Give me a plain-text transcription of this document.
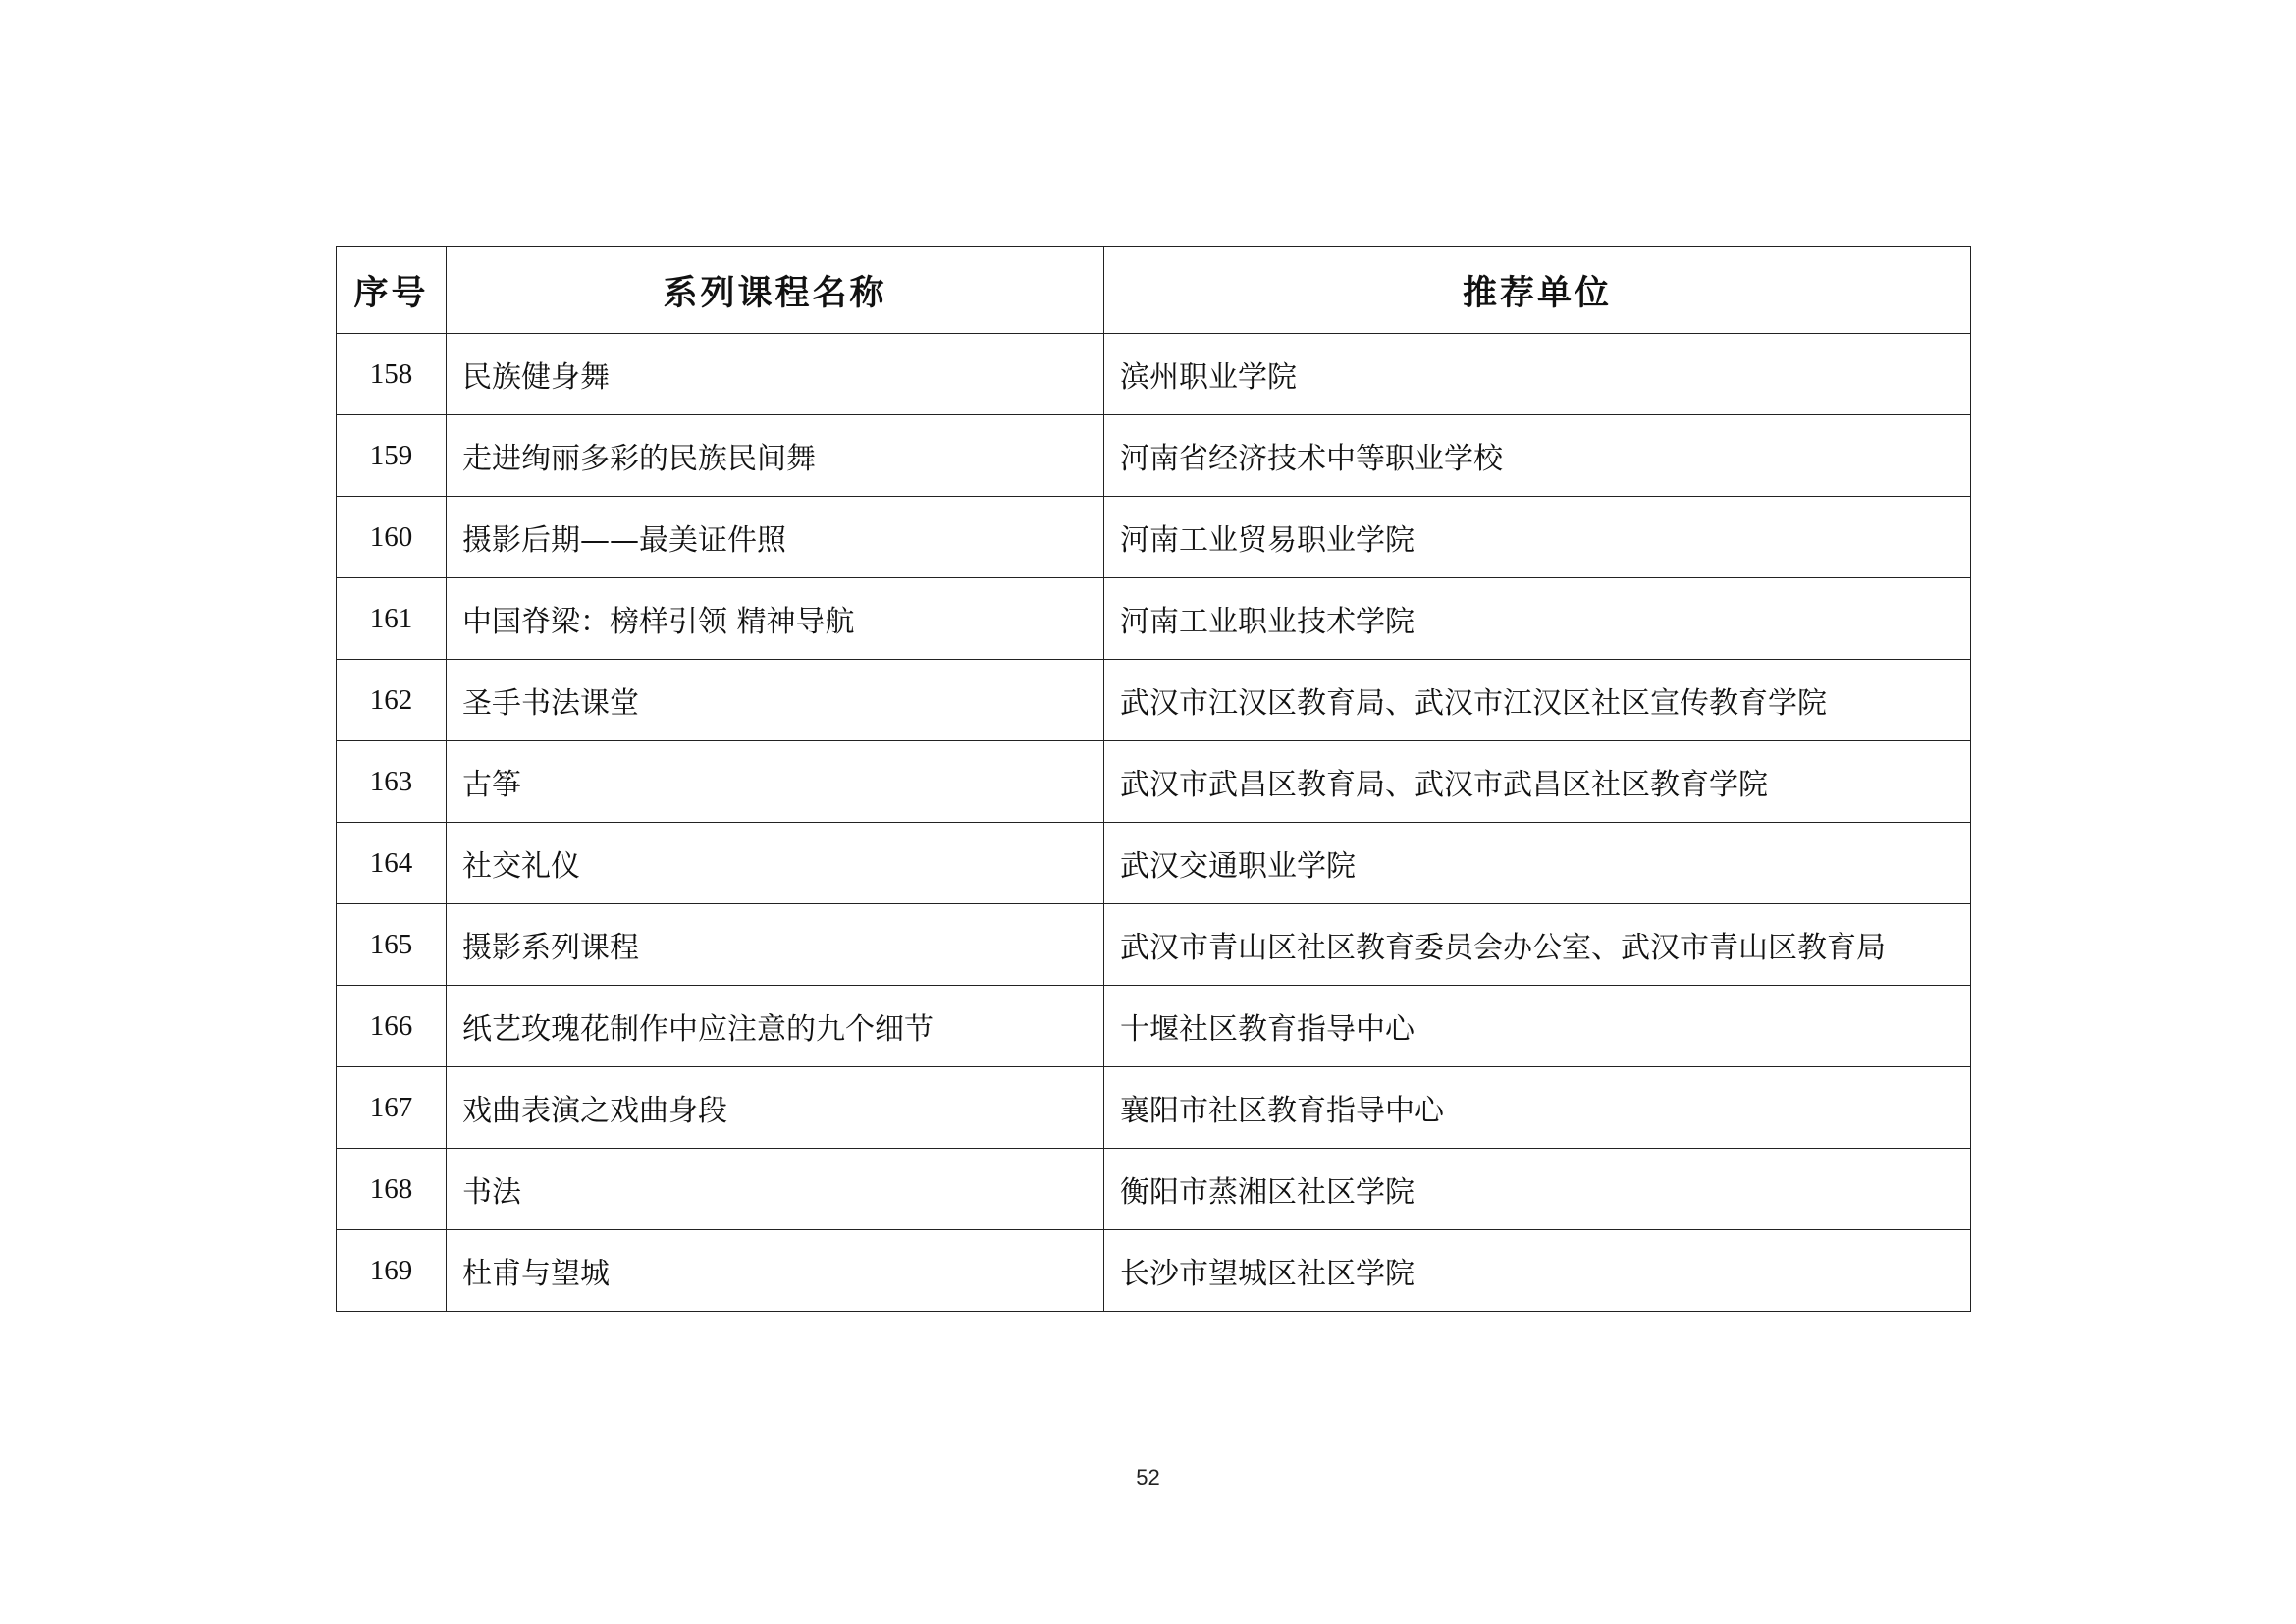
序号	系列课程名称	推荐单位
158	民族健身舞	滨州职业学院
159	走进绚丽多彩的民族民间舞	河南省经济技术中等职业学校
160	摄影后期——最美证件照	河南工业贸易职业学院
161	中国脊梁：榜样引领 精神导航	河南工业职业技术学院
162	圣手书法课堂	武汉市江汉区教育局、武汉市江汉区社区宣传教育学院
163	古筝	武汉市武昌区教育局、武汉市武昌区社区教育学院
164	社交礼仪	武汉交通职业学院
165	摄影系列课程	武汉市青山区社区教育委员会办公室、武汉市青山区教育局
166	纸艺玫瑰花制作中应注意的九个细节	十堰社区教育指导中心
167	戏曲表演之戏曲身段	襄阳市社区教育指导中心
168	书法	衡阳市蒸湘区社区学院
169	杜甫与望城	长沙市望城区社区学院
52
